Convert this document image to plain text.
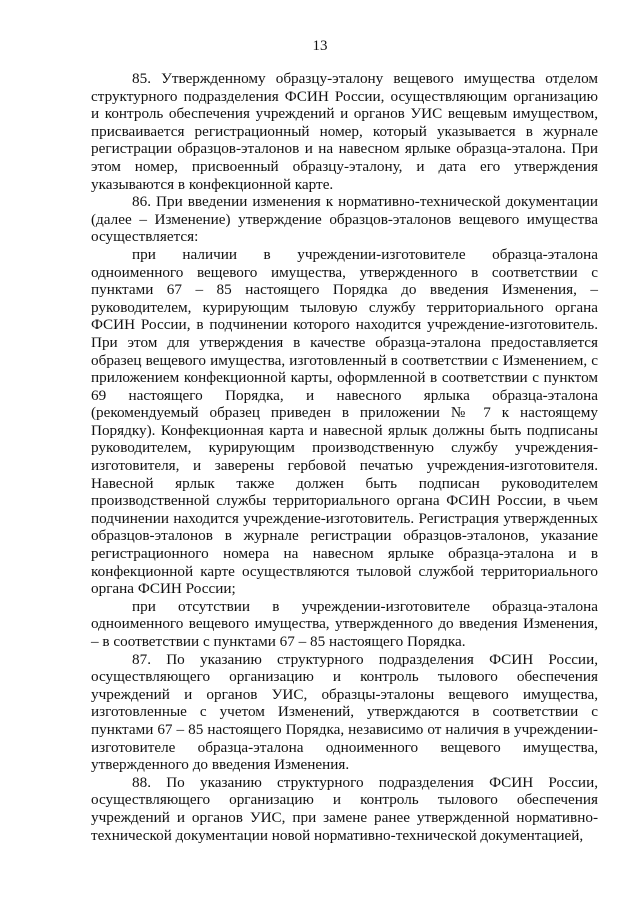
13

85. Утвержденному образцу-эталону вещевого имущества отделом структурного подразделения ФСИН России, осуществляющим организацию и контроль обеспечения учреждений и органов УИС вещевым имуществом, присваивается регистрационный номер, который указывается в журнале регистрации образцов-эталонов и на навесном ярлыке образца-эталона. При этом номер, присвоенный образцу-эталону, и дата его утверждения указываются в конфекционной карте.

86. При введении изменения к нормативно-технической документации (далее – Изменение) утверждение образцов-эталонов вещевого имущества осуществляется:

при наличии в учреждении-изготовителе образца-эталона одноименного вещевого имущества, утвержденного в соответствии с пунктами 67 – 85 настоящего Порядка до введения Изменения, – руководителем, курирующим тыловую службу территориального органа ФСИН России, в подчинении которого находится учреждение-изготовитель. При этом для утверждения в качестве образца-эталона предоставляется образец вещевого имущества, изготовленный в соответствии с Изменением, с приложением конфекционной карты, оформленной в соответствии с пунктом 69 настоящего Порядка, и навесного ярлыка образца-эталона (рекомендуемый образец приведен в приложении № 7 к настоящему Порядку). Конфекционная карта и навесной ярлык должны быть подписаны руководителем, курирующим производственную службу учреждения-изготовителя, и заверены гербовой печатью учреждения-изготовителя. Навесной ярлык также должен быть подписан руководителем производственной службы территориального органа ФСИН России, в чьем подчинении находится учреждение-изготовитель. Регистрация утвержденных образцов-эталонов в журнале регистрации образцов-эталонов, указание регистрационного номера на навесном ярлыке образца-эталона и в конфекционной карте осуществляются тыловой службой территориального органа ФСИН России;

при отсутствии в учреждении-изготовителе образца-эталона одноименного вещевого имущества, утвержденного до введения Изменения, – в соответствии с пунктами 67 – 85 настоящего Порядка.

87. По указанию структурного подразделения ФСИН России, осуществляющего организацию и контроль тылового обеспечения учреждений и органов УИС, образцы-эталоны вещевого имущества, изготовленные с учетом Изменений, утверждаются в соответствии с пунктами 67 – 85 настоящего Порядка, независимо от наличия в учреждении-изготовителе образца-эталона одноименного вещевого имущества, утвержденного до введения Изменения.

88. По указанию структурного подразделения ФСИН России, осуществляющего организацию и контроль тылового обеспечения учреждений и органов УИС, при замене ранее утвержденной нормативно-технической документации новой нормативно-технической документацией,
